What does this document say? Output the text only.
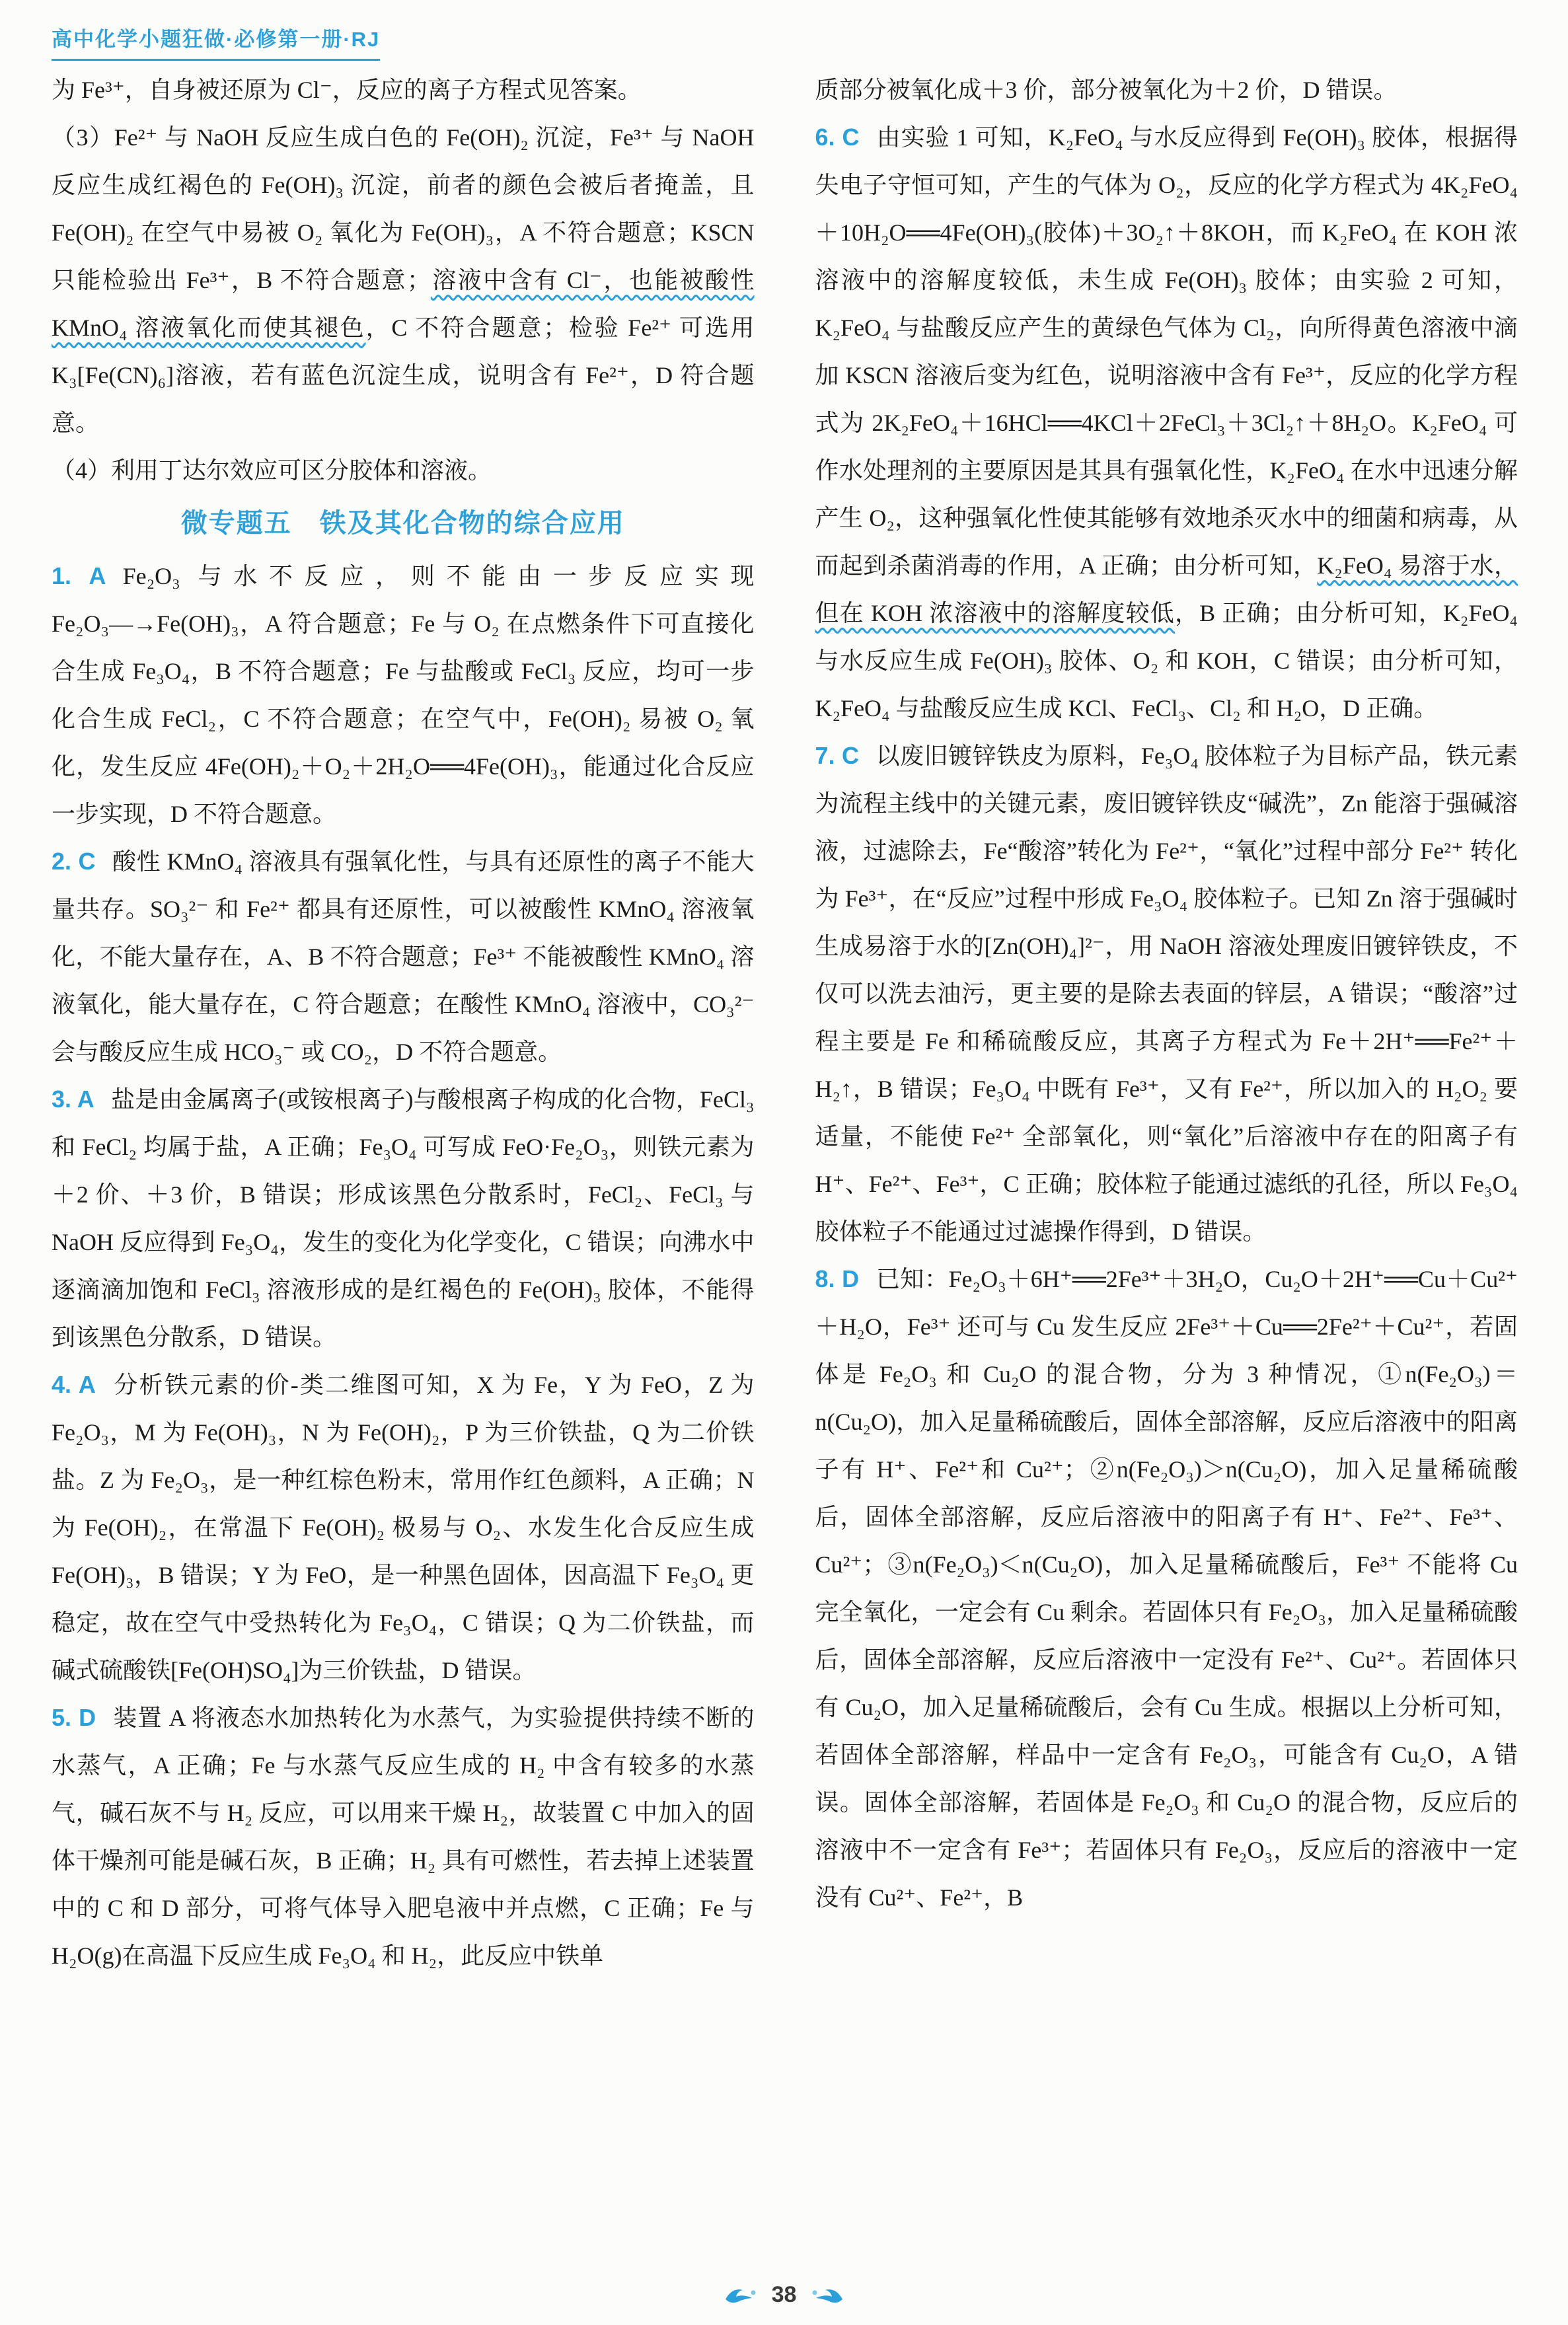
高中化学小题狂做·必修第一册·RJ

为 Fe³⁺，自身被还原为 Cl⁻，反应的离子方程式见答案。

（3）Fe²⁺ 与 NaOH 反应生成白色的 Fe(OH)₂ 沉淀，Fe³⁺ 与 NaOH 反应生成红褐色的 Fe(OH)₃ 沉淀，前者的颜色会被后者掩盖，且 Fe(OH)₂ 在空气中易被 O₂ 氧化为 Fe(OH)₃，A 不符合题意；KSCN 只能检验出 Fe³⁺，B 不符合题意；溶液中含有 Cl⁻，也能被酸性 KMnO₄ 溶液氧化而使其褪色，C 不符合题意；检验 Fe²⁺ 可选用 K₃[Fe(CN)₆]溶液，若有蓝色沉淀生成，说明含有 Fe²⁺，D 符合题意。

（4）利用丁达尔效应可区分胶体和溶液。

微专题五　铁及其化合物的综合应用

1. A Fe₂O₃ 与水不反应，则不能由一步反应实现 Fe₂O₃―→Fe(OH)₃，A 符合题意；Fe 与 O₂ 在点燃条件下可直接化合生成 Fe₃O₄，B 不符合题意；Fe 与盐酸或 FeCl₃ 反应，均可一步化合生成 FeCl₂，C 不符合题意；在空气中，Fe(OH)₂ 易被 O₂ 氧化，发生反应 4Fe(OH)₂＋O₂＋2H₂O══4Fe(OH)₃，能通过化合反应一步实现，D 不符合题意。

2. C 酸性 KMnO₄ 溶液具有强氧化性，与具有还原性的离子不能大量共存。SO₃²⁻ 和 Fe²⁺ 都具有还原性，可以被酸性 KMnO₄ 溶液氧化，不能大量存在，A、B 不符合题意；Fe³⁺ 不能被酸性 KMnO₄ 溶液氧化，能大量存在，C 符合题意；在酸性 KMnO₄ 溶液中，CO₃²⁻ 会与酸反应生成 HCO₃⁻ 或 CO₂，D 不符合题意。

3. A 盐是由金属离子(或铵根离子)与酸根离子构成的化合物，FeCl₃ 和 FeCl₂ 均属于盐，A 正确；Fe₃O₄ 可写成 FeO·Fe₂O₃，则铁元素为＋2 价、＋3 价，B 错误；形成该黑色分散系时，FeCl₂、FeCl₃ 与 NaOH 反应得到 Fe₃O₄，发生的变化为化学变化，C 错误；向沸水中逐滴滴加饱和 FeCl₃ 溶液形成的是红褐色的 Fe(OH)₃ 胶体，不能得到该黑色分散系，D 错误。

4. A 分析铁元素的价-类二维图可知，X 为 Fe，Y 为 FeO，Z 为 Fe₂O₃，M 为 Fe(OH)₃，N 为 Fe(OH)₂，P 为三价铁盐，Q 为二价铁盐。Z 为 Fe₂O₃，是一种红棕色粉末，常用作红色颜料，A 正确；N 为 Fe(OH)₂，在常温下 Fe(OH)₂ 极易与 O₂、水发生化合反应生成 Fe(OH)₃，B 错误；Y 为 FeO，是一种黑色固体，因高温下 Fe₃O₄ 更稳定，故在空气中受热转化为 Fe₃O₄，C 错误；Q 为二价铁盐，而碱式硫酸铁[Fe(OH)SO₄]为三价铁盐，D 错误。

5. D 装置 A 将液态水加热转化为水蒸气，为实验提供持续不断的水蒸气，A 正确；Fe 与水蒸气反应生成的 H₂ 中含有较多的水蒸气，碱石灰不与 H₂ 反应，可以用来干燥 H₂，故装置 C 中加入的固体干燥剂可能是碱石灰，B 正确；H₂ 具有可燃性，若去掉上述装置中的 C 和 D 部分，可将气体导入肥皂液中并点燃，C 正确；Fe 与 H₂O(g)在高温下反应生成 Fe₃O₄ 和 H₂，此反应中铁单

质部分被氧化成＋3 价，部分被氧化为＋2 价，D 错误。

6. C 由实验 1 可知，K₂FeO₄ 与水反应得到 Fe(OH)₃ 胶体，根据得失电子守恒可知，产生的气体为 O₂，反应的化学方程式为 4K₂FeO₄＋10H₂O══4Fe(OH)₃(胶体)＋3O₂↑＋8KOH，而 K₂FeO₄ 在 KOH 浓溶液中的溶解度较低，未生成 Fe(OH)₃ 胶体；由实验 2 可知，K₂FeO₄ 与盐酸反应产生的黄绿色气体为 Cl₂，向所得黄色溶液中滴加 KSCN 溶液后变为红色，说明溶液中含有 Fe³⁺，反应的化学方程式为 2K₂FeO₄＋16HCl══4KCl＋2FeCl₃＋3Cl₂↑＋8H₂O。K₂FeO₄ 可作水处理剂的主要原因是其具有强氧化性，K₂FeO₄ 在水中迅速分解产生 O₂，这种强氧化性使其能够有效地杀灭水中的细菌和病毒，从而起到杀菌消毒的作用，A 正确；由分析可知，K₂FeO₄ 易溶于水，但在 KOH 浓溶液中的溶解度较低，B 正确；由分析可知，K₂FeO₄ 与水反应生成 Fe(OH)₃ 胶体、O₂ 和 KOH，C 错误；由分析可知，K₂FeO₄ 与盐酸反应生成 KCl、FeCl₃、Cl₂ 和 H₂O，D 正确。

7. C 以废旧镀锌铁皮为原料，Fe₃O₄ 胶体粒子为目标产品，铁元素为流程主线中的关键元素，废旧镀锌铁皮“碱洗”，Zn 能溶于强碱溶液，过滤除去，Fe“酸溶”转化为 Fe²⁺，“氧化”过程中部分 Fe²⁺ 转化为 Fe³⁺，在“反应”过程中形成 Fe₃O₄ 胶体粒子。已知 Zn 溶于强碱时生成易溶于水的[Zn(OH)₄]²⁻，用 NaOH 溶液处理废旧镀锌铁皮，不仅可以洗去油污，更主要的是除去表面的锌层，A 错误；“酸溶”过程主要是 Fe 和稀硫酸反应，其离子方程式为 Fe＋2H⁺══Fe²⁺＋H₂↑，B 错误；Fe₃O₄ 中既有 Fe³⁺，又有 Fe²⁺，所以加入的 H₂O₂ 要适量，不能使 Fe²⁺ 全部氧化，则“氧化”后溶液中存在的阳离子有 H⁺、Fe²⁺、Fe³⁺，C 正确；胶体粒子能通过滤纸的孔径，所以 Fe₃O₄ 胶体粒子不能通过过滤操作得到，D 错误。

8. D 已知：Fe₂O₃＋6H⁺══2Fe³⁺＋3H₂O，Cu₂O＋2H⁺══Cu＋Cu²⁺＋H₂O，Fe³⁺ 还可与 Cu 发生反应 2Fe³⁺＋Cu══2Fe²⁺＋Cu²⁺，若固体是 Fe₂O₃ 和 Cu₂O 的混合物，分为 3 种情况，①n(Fe₂O₃)＝n(Cu₂O)，加入足量稀硫酸后，固体全部溶解，反应后溶液中的阳离子有 H⁺、Fe²⁺和 Cu²⁺；②n(Fe₂O₃)＞n(Cu₂O)，加入足量稀硫酸后，固体全部溶解，反应后溶液中的阳离子有 H⁺、Fe²⁺、Fe³⁺、Cu²⁺；③n(Fe₂O₃)＜n(Cu₂O)，加入足量稀硫酸后，Fe³⁺ 不能将 Cu 完全氧化，一定会有 Cu 剩余。若固体只有 Fe₂O₃，加入足量稀硫酸后，固体全部溶解，反应后溶液中一定没有 Fe²⁺、Cu²⁺。若固体只有 Cu₂O，加入足量稀硫酸后，会有 Cu 生成。根据以上分析可知，若固体全部溶解，样品中一定含有 Fe₂O₃，可能含有 Cu₂O，A 错误。固体全部溶解，若固体是 Fe₂O₃ 和 Cu₂O 的混合物，反应后的溶液中不一定含有 Fe³⁺；若固体只有 Fe₂O₃，反应后的溶液中一定没有 Cu²⁺、Fe²⁺，B

38
